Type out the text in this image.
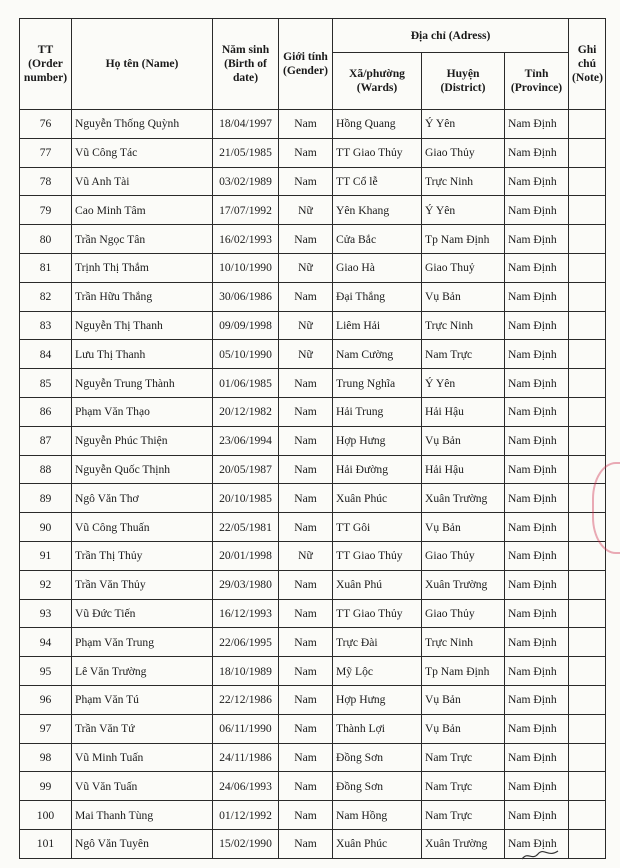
TT (Order number)	Họ tên (Name)	Năm sinh (Birth of date)	Giới tính (Gender)	Địa chỉ (Adress)			Ghi chú (Note)
				Xã/phường (Wards)	Huyện (District)	Tỉnh (Province)	
76	Nguyễn Thống Quỳnh	18/04/1997	Nam	Hồng Quang	Ý Yên	Nam Định	
77	Vũ Công Tác	21/05/1985	Nam	TT Giao Thủy	Giao Thủy	Nam Định	
78	Vũ Anh Tài	03/02/1989	Nam	TT Cổ lễ	Trực Ninh	Nam Định	
79	Cao Minh Tâm	17/07/1992	Nữ	Yên Khang	Ý Yên	Nam Định	
80	Trần Ngọc Tân	16/02/1993	Nam	Cửa Bắc	Tp Nam Định	Nam Định	
81	Trịnh Thị Thắm	10/10/1990	Nữ	Giao Hà	Giao Thuỷ	Nam Định	
82	Trần Hữu Thắng	30/06/1986	Nam	Đại Thắng	Vụ Bản	Nam Định	
83	Nguyễn Thị Thanh	09/09/1998	Nữ	Liêm Hải	Trực Ninh	Nam Định	
84	Lưu Thị Thanh	05/10/1990	Nữ	Nam Cường	Nam Trực	Nam Định	
85	Nguyễn Trung Thành	01/06/1985	Nam	Trung Nghĩa	Ý Yên	Nam Định	
86	Phạm Văn Thạo	20/12/1982	Nam	Hải Trung	Hải Hậu	Nam Định	
87	Nguyễn Phúc Thiện	23/06/1994	Nam	Hợp Hưng	Vụ Bản	Nam Định	
88	Nguyễn Quốc Thịnh	20/05/1987	Nam	Hải Đường	Hải Hậu	Nam Định	
89	Ngô Văn Thơ	20/10/1985	Nam	Xuân Phúc	Xuân Trường	Nam Định	
90	Vũ Công Thuấn	22/05/1981	Nam	TT Gôi	Vụ Bản	Nam Định	
91	Trần Thị Thủy	20/01/1998	Nữ	TT Giao Thủy	Giao Thủy	Nam Định	
92	Trần Văn Thủy	29/03/1980	Nam	Xuân Phú	Xuân Trường	Nam Định	
93	Vũ Đức Tiến	16/12/1993	Nam	TT Giao Thủy	Giao Thủy	Nam Định	
94	Phạm Văn Trung	22/06/1995	Nam	Trực Đài	Trực Ninh	Nam Định	
95	Lê Văn Trường	18/10/1989	Nam	Mỹ Lộc	Tp Nam Định	Nam Định	
96	Phạm Văn Tú	22/12/1986	Nam	Hợp Hưng	Vụ Bản	Nam Định	
97	Trần Văn Tứ	06/11/1990	Nam	Thành Lợi	Vụ Bản	Nam Định	
98	Vũ Minh Tuấn	24/11/1986	Nam	Đồng Sơn	Nam Trực	Nam Định	
99	Vũ Văn Tuấn	24/06/1993	Nam	Đồng Sơn	Nam Trực	Nam Định	
100	Mai Thanh Tùng	01/12/1992	Nam	Nam Hồng	Nam Trực	Nam Định	
101	Ngô Văn Tuyên	15/02/1990	Nam	Xuân Phúc	Xuân Trường	Nam Định	
